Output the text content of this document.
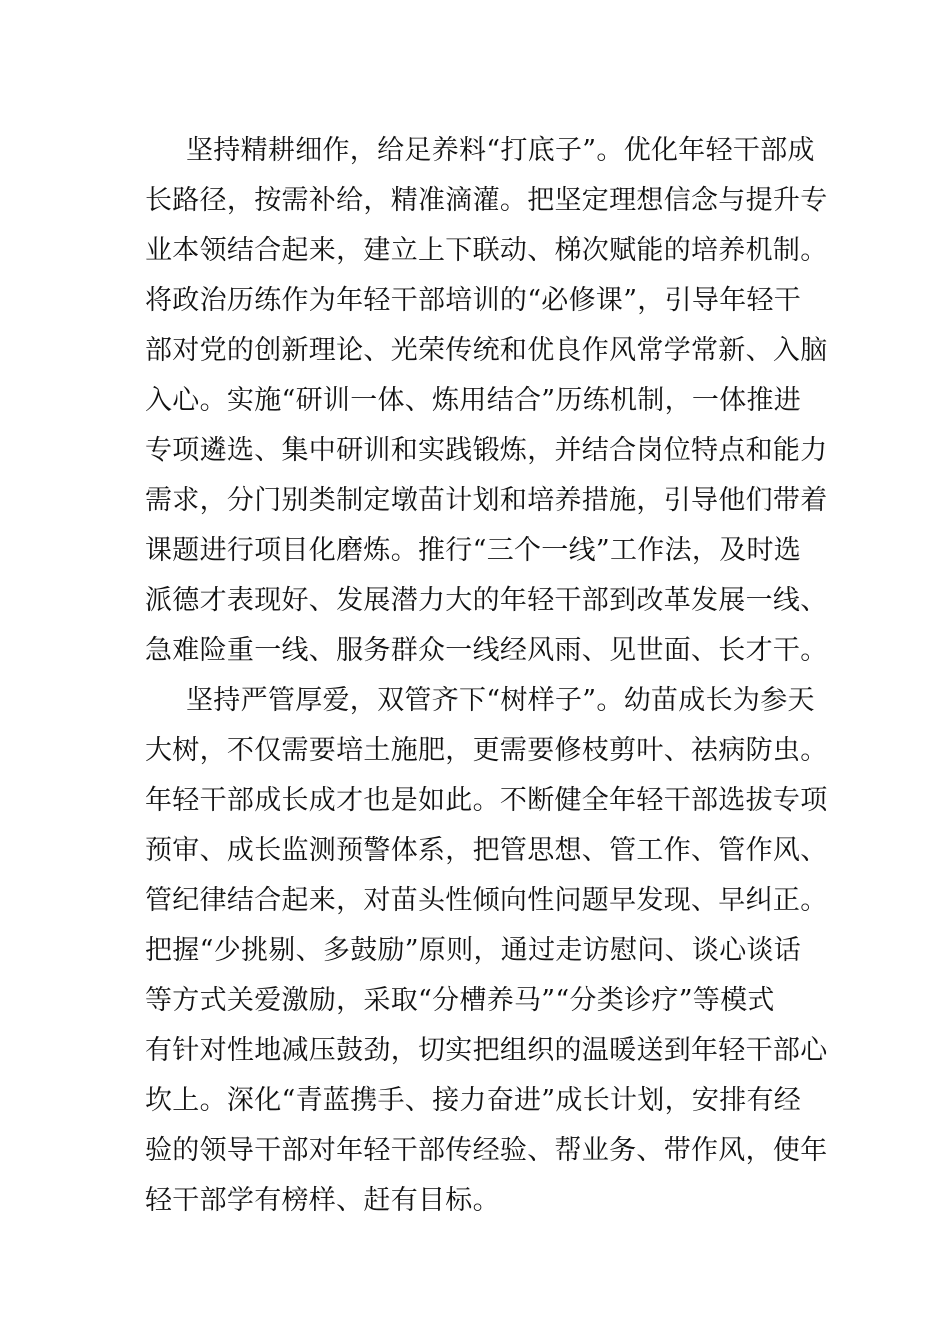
坚持精耕细作，给足养料“打底子”。优化年轻干部成
长路径，按需补给，精准滴灌。把坚定理想信念与提升专
业本领结合起来，建立上下联动、梯次赋能的培养机制。
将政治历练作为年轻干部培训的“必修课”，引导年轻干
部对党的创新理论、光荣传统和优良作风常学常新、入脑
入心。实施“研训一体、炼用结合”历练机制，一体推进
专项遴选、集中研训和实践锻炼，并结合岗位特点和能力
需求，分门别类制定墩苗计划和培养措施，引导他们带着
课题进行项目化磨炼。推行“三个一线”工作法，及时选
派德才表现好、发展潜力大的年轻干部到改革发展一线、
急难险重一线、服务群众一线经风雨、见世面、长才干。
坚持严管厚爱，双管齐下“树样子”。幼苗成长为参天
大树，不仅需要培土施肥，更需要修枝剪叶、祛病防虫。
年轻干部成长成才也是如此。不断健全年轻干部选拔专项
预审、成长监测预警体系，把管思想、管工作、管作风、
管纪律结合起来，对苗头性倾向性问题早发现、早纠正。
把握“少挑剔、多鼓励”原则，通过走访慰问、谈心谈话
等方式关爱激励，采取“分槽养马”“分类诊疗”等模式
有针对性地减压鼓劲，切实把组织的温暖送到年轻干部心
坎上。深化“青蓝携手、接力奋进”成长计划，安排有经
验的领导干部对年轻干部传经验、帮业务、带作风，使年
轻干部学有榜样、赶有目标。
